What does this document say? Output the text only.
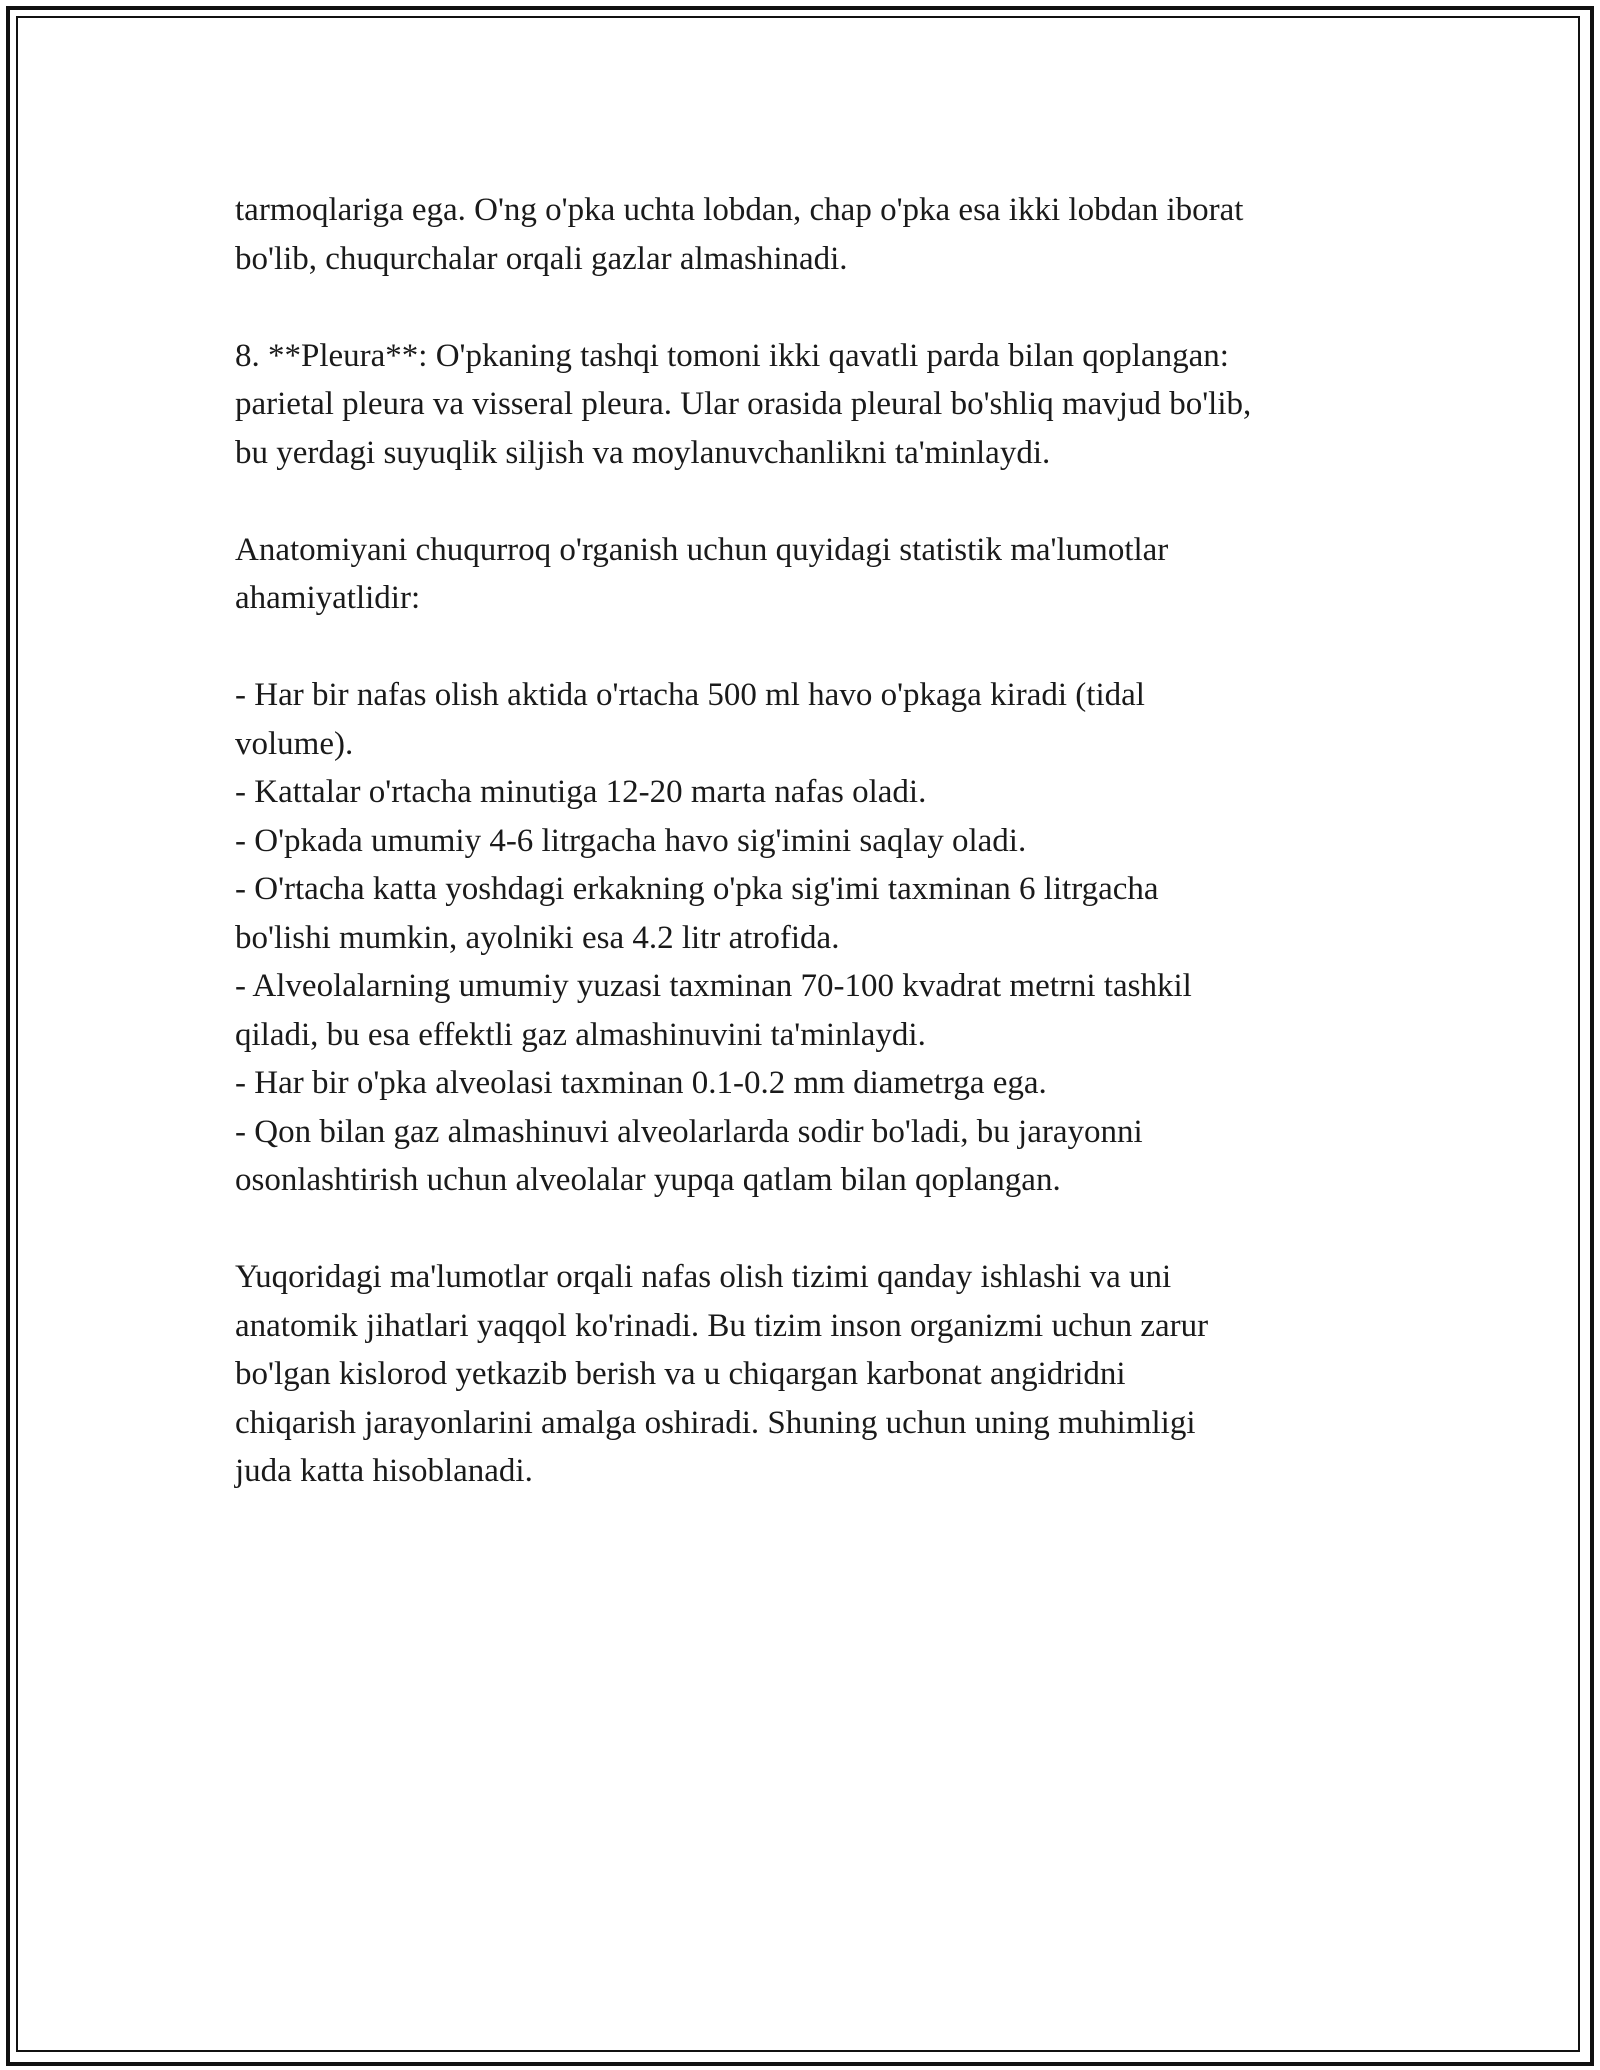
tarmoqlariga ega. O'ng o'pka uchta lobdan, chap o'pka esa ikki lobdan iborat
bo'lib, chuqurchalar orqali gazlar almashinadi.

8. **Pleura**: O'pkaning tashqi tomoni ikki qavatli parda bilan qoplangan:
parietal pleura va visseral pleura. Ular orasida pleural bo'shliq mavjud bo'lib,
bu yerdagi suyuqlik siljish va moylanuvchanlikni ta'minlaydi.

Anatomiyani chuqurroq o'rganish uchun quyidagi statistik ma'lumotlar
ahamiyatlidir:

- Har bir nafas olish aktida o'rtacha 500 ml havo o'pkaga kiradi (tidal
volume).
- Kattalar o'rtacha minutiga 12-20 marta nafas oladi.
- O'pkada umumiy 4-6 litrgacha havo sig'imini saqlay oladi.
- O'rtacha katta yoshdagi erkakning o'pka sig'imi taxminan 6 litrgacha
bo'lishi mumkin, ayolniki esa 4.2 litr atrofida.
- Alveolalarning umumiy yuzasi taxminan 70-100 kvadrat metrni tashkil
qiladi, bu esa effektli gaz almashinuvini ta'minlaydi.
- Har bir o'pka alveolasi taxminan 0.1-0.2 mm diametrga ega.
- Qon bilan gaz almashinuvi alveolarlarda sodir bo'ladi, bu jarayonni
osonlashtirish uchun alveolalar yupqa qatlam bilan qoplangan.

Yuqoridagi ma'lumotlar orqali nafas olish tizimi qanday ishlashi va uni
anatomik jihatlari yaqqol ko'rinadi. Bu tizim inson organizmi uchun zarur
bo'lgan kislorod yetkazib berish va u chiqargan karbonat angidridni
chiqarish jarayonlarini amalga oshiradi. Shuning uchun uning muhimligi
juda katta hisoblanadi.
